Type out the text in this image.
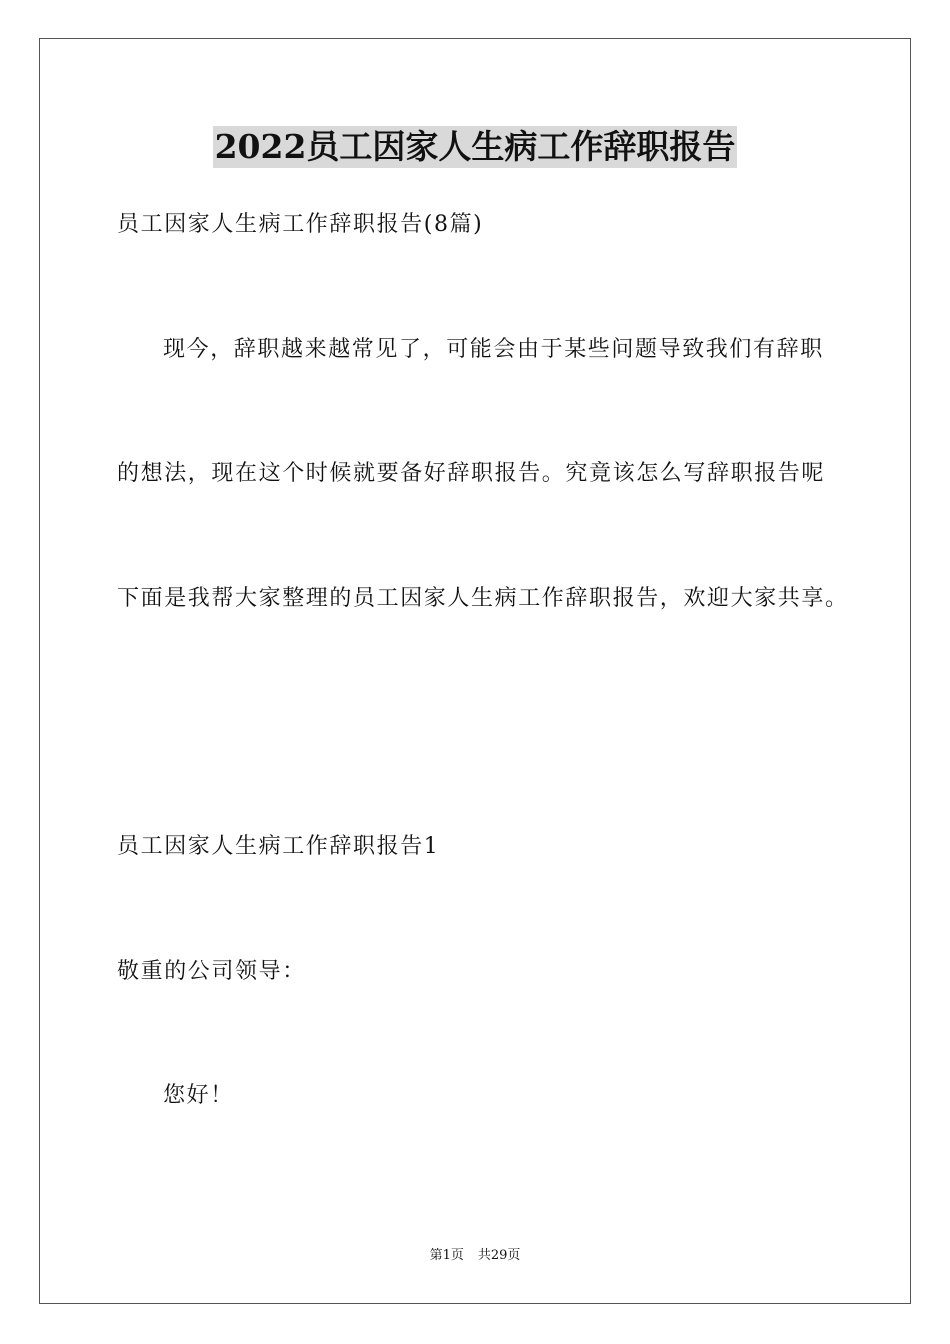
2022员工因家人生病工作辞职报告
员工因家人生病工作辞职报告(8篇)
现今，辞职越来越常见了，可能会由于某些问题导致我们有辞职
的想法，现在这个时候就要备好辞职报告。究竟该怎么写辞职报告呢
下面是我帮大家整理的员工因家人生病工作辞职报告，欢迎大家共享。
员工因家人生病工作辞职报告1
敬重的公司领导：
您好！
第1页 共29页
